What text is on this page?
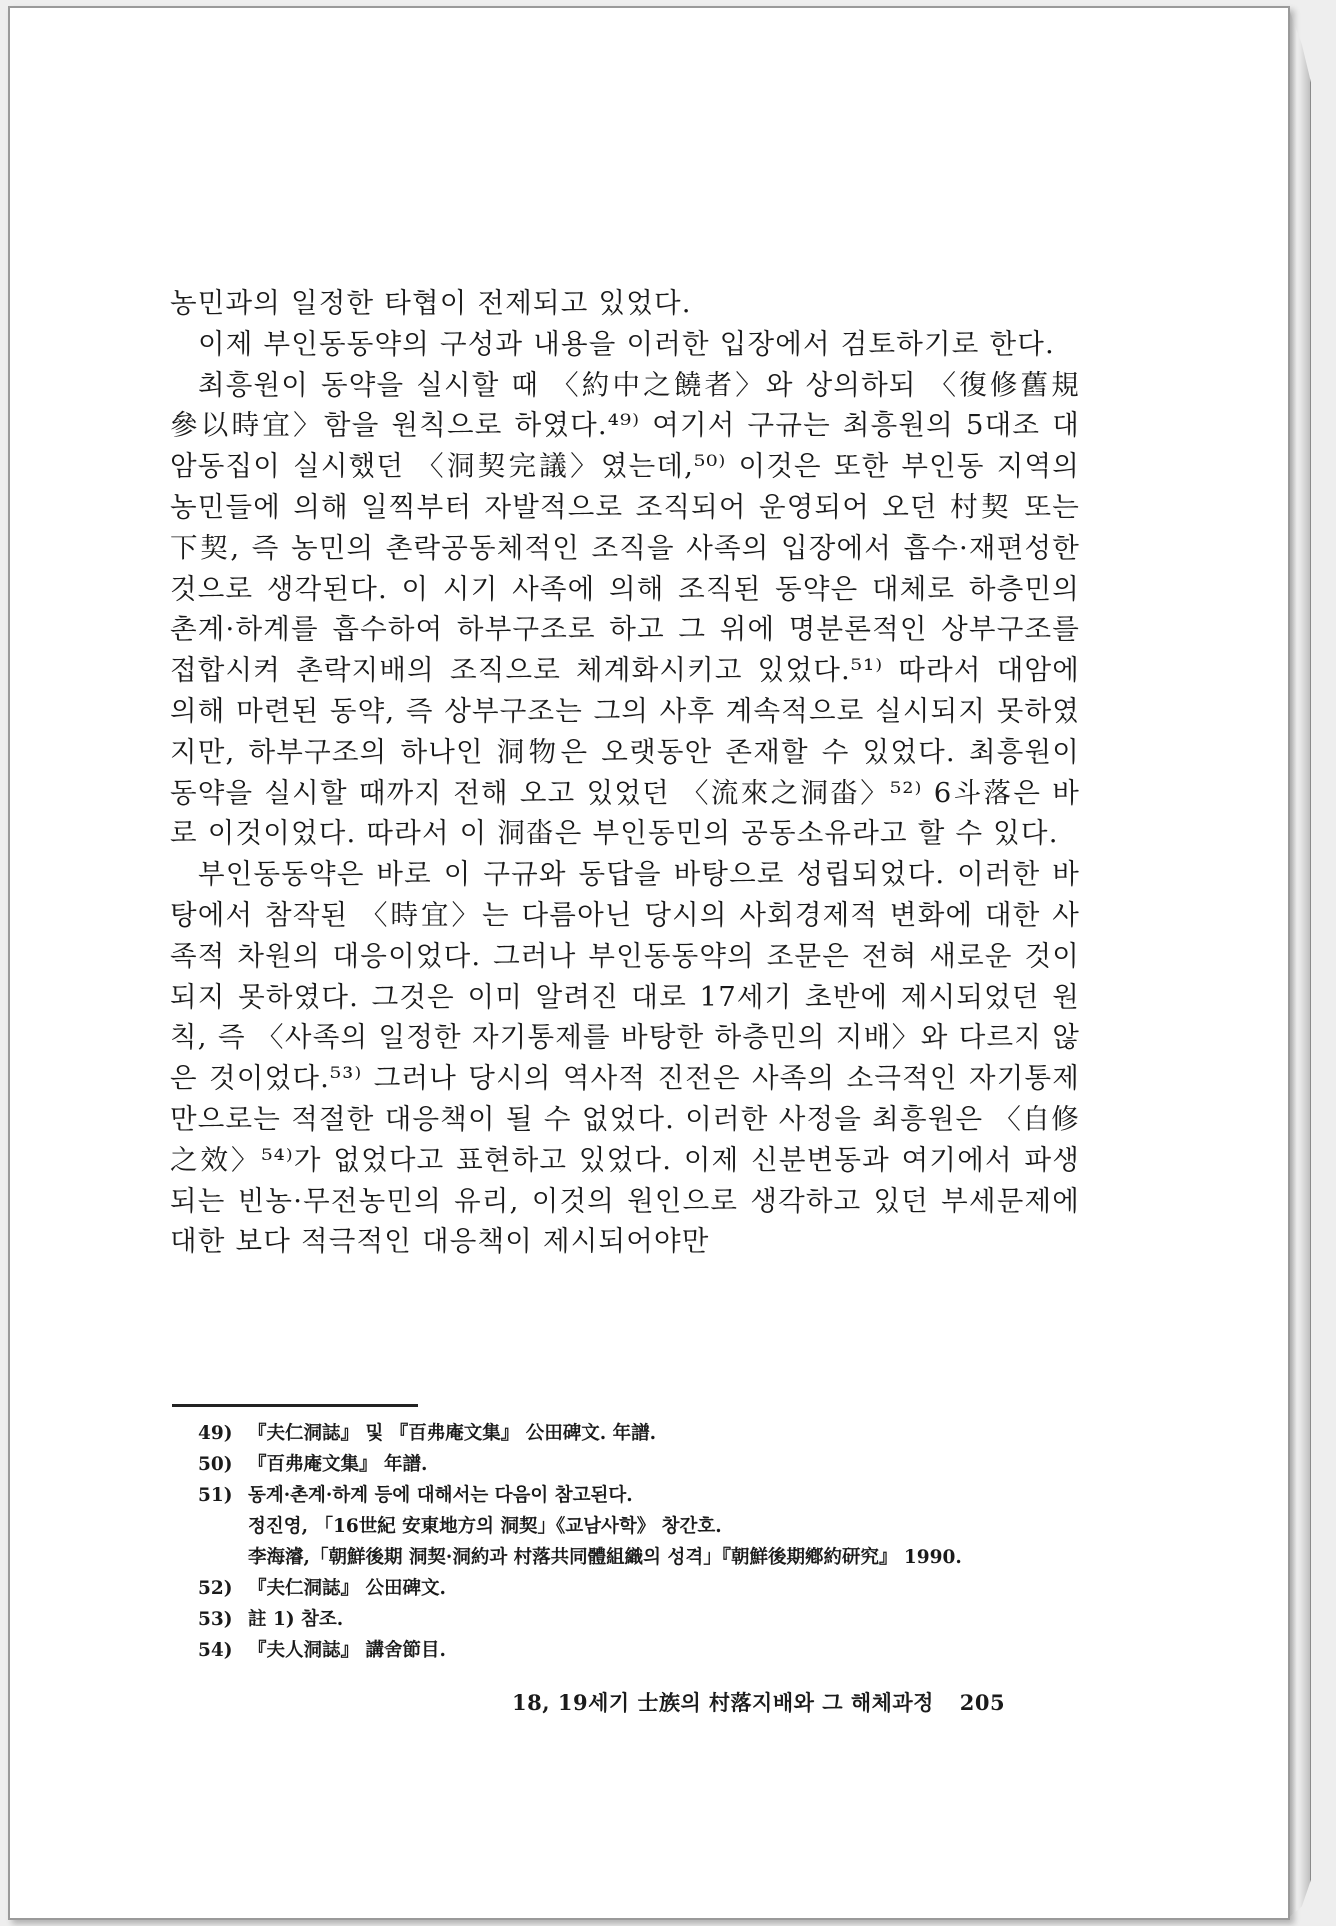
농민과의 일정한 타협이 전제되고 있었다.

이제 부인동동약의 구성과 내용을 이러한 입장에서 검토하기로 한다.

최흥원이 동약을 실시할 때 〈約中之饒者〉와 상의하되 〈復修舊規 參以時宜〉함을 원칙으로 하였다.⁴⁹⁾ 여기서 구규는 최흥원의 5대조 대암동집이 실시했던 〈洞契完議〉였는데,⁵⁰⁾ 이것은 또한 부인동 지역의 농민들에 의해 일찍부터 자발적으로 조직되어 운영되어 오던 村契 또는 下契, 즉 농민의 촌락공동체적인 조직을 사족의 입장에서 흡수·재편성한 것으로 생각된다. 이 시기 사족에 의해 조직된 동약은 대체로 하층민의 촌계·하계를 흡수하여 하부구조로 하고 그 위에 명분론적인 상부구조를 접합시켜 촌락지배의 조직으로 체계화시키고 있었다.⁵¹⁾ 따라서 대암에 의해 마련된 동약, 즉 상부구조는 그의 사후 계속적으로 실시되지 못하였지만, 하부구조의 하나인 洞物은 오랫동안 존재할 수 있었다. 최흥원이 동약을 실시할 때까지 전해 오고 있었던 〈流來之洞畓〉⁵²⁾ 6斗落은 바로 이것이었다. 따라서 이 洞畓은 부인동민의 공동소유라고 할 수 있다.

부인동동약은 바로 이 구규와 동답을 바탕으로 성립되었다. 이러한 바탕에서 참작된 〈時宜〉는 다름아닌 당시의 사회경제적 변화에 대한 사족적 차원의 대응이었다. 그러나 부인동동약의 조문은 전혀 새로운 것이 되지 못하였다. 그것은 이미 알려진 대로 17세기 초반에 제시되었던 원칙, 즉 〈사족의 일정한 자기통제를 바탕한 하층민의 지배〉와 다르지 않은 것이었다.⁵³⁾ 그러나 당시의 역사적 진전은 사족의 소극적인 자기통제만으로는 적절한 대응책이 될 수 없었다. 이러한 사정을 최흥원은 〈自修之效〉⁵⁴⁾가 없었다고 표현하고 있었다. 이제 신분변동과 여기에서 파생되는 빈농·무전농민의 유리, 이것의 원인으로 생각하고 있던 부세문제에 대한 보다 적극적인 대응책이 제시되어야만

49) 『夫仁洞誌』 및 『百弗庵文集』 公田碑文. 年譜.
50) 『百弗庵文集』 年譜.
51) 동계·촌계·하계 등에 대해서는 다음이 참고된다.
정진영, 「16世紀 安東地方의 洞契」《교남사학》 창간호.
李海濬,「朝鮮後期 洞契·洞約과 村落共同體組織의 성격」『朝鮮後期鄕約研究』 1990.
52) 『夫仁洞誌』 公田碑文.
53) 註 1) 참조.
54) 『夫人洞誌』 講舍節目.
18, 19세기 士族의 村落지배와 그 해체과정 205
